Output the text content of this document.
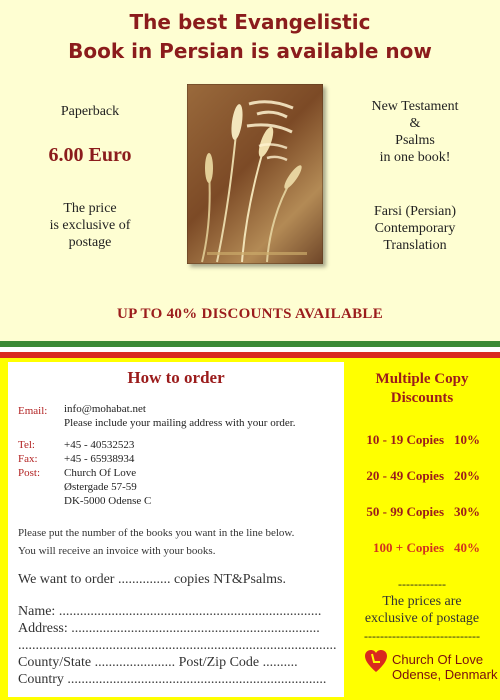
The best Evangelistic
Book in Persian is available now
Paperback
6.00 Euro
The price
is exclusive of
postage
New Testament
&
Psalms
in one book!
Farsi (Persian)
Contemporary
Translation
UP TO 40% DISCOUNTS AVAILABLE
How to order
Email: info@mohabat.net
Please include your mailing address with your order.
Tel:	+45 - 40532523
Fax: +45 - 65938934
Post: Church Of Love
Østergade 57-59
DK-5000 Odense C
Please put the number of the books you want in the line below.
You will receive an invoice with your books.
We want to order ............... copies NT&Psalms.
Name: ...........................................................................
Address: .......................................................................
...........................................................................................
County/State ....................... Post/Zip Code ..........
Country ..........................................................................
Multiple Copy
Discounts
10 - 19 Copies 10%
20 - 49 Copies 20%
50 - 99 Copies 30%
100 + Copies 40%
------------
The prices are
exclusive of postage
-----------------------------
Church Of Love
Odense, Denmark
